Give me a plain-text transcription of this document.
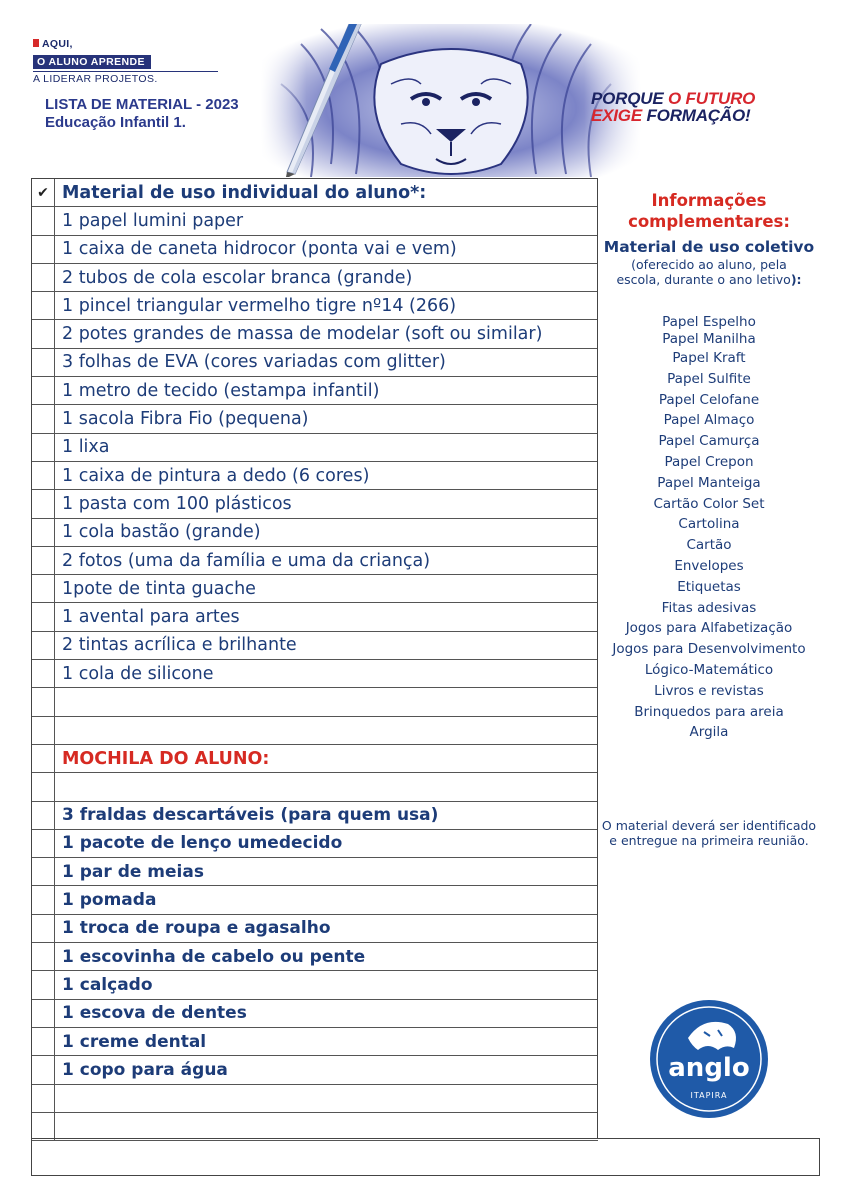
AQUI,
O ALUNO APRENDE
A LIDERAR PROJETOS.
LISTA DE MATERIAL - 2023
Educação Infantil 1.
PORQUE O FUTURO
EXIGE FORMAÇÃO!
✔ Material de uso individual do aluno*:
1 papel lumini paper
1 caixa de caneta hidrocor (ponta vai e vem)
2 tubos de cola escolar branca (grande)
1 pincel triangular vermelho tigre nº14 (266)
2 potes grandes de massa de modelar (soft ou similar)
3 folhas de EVA (cores variadas com glitter)
1 metro de tecido (estampa infantil)
1 sacola Fibra Fio (pequena)
1 lixa
1 caixa de pintura a dedo (6 cores)
1 pasta com 100 plásticos
1 cola bastão (grande)
2 fotos (uma da família e uma da criança)
1pote de tinta guache
1 avental para artes
2 tintas acrílica e brilhante
1 cola de silicone
MOCHILA DO ALUNO:
3 fraldas descartáveis (para quem usa)
1 pacote de lenço umedecido
1 par de meias
1 pomada
1 troca de roupa e agasalho
1 escovinha de cabelo ou pente
1 calçado
1 escova de dentes
1 creme dental
1 copo para água
Informações
complementares:
Material de uso coletivo
(oferecido ao aluno, pela
escola, durante o ano letivo):
Papel Espelho
Papel Manilha
Papel Kraft
Papel Sulfite
Papel Celofane
Papel Almaço
Papel Camurça
Papel Crepon
Papel Manteiga
Cartão Color Set
Cartolina
Cartão
Envelopes
Etiquetas
Fitas adesivas
Jogos para Alfabetização
Jogos para Desenvolvimento
Lógico-Matemático
Livros e revistas
Brinquedos para areia
Argila
O material deverá ser identificado
e entregue na primeira reunião.
anglo
ITAPIRA
